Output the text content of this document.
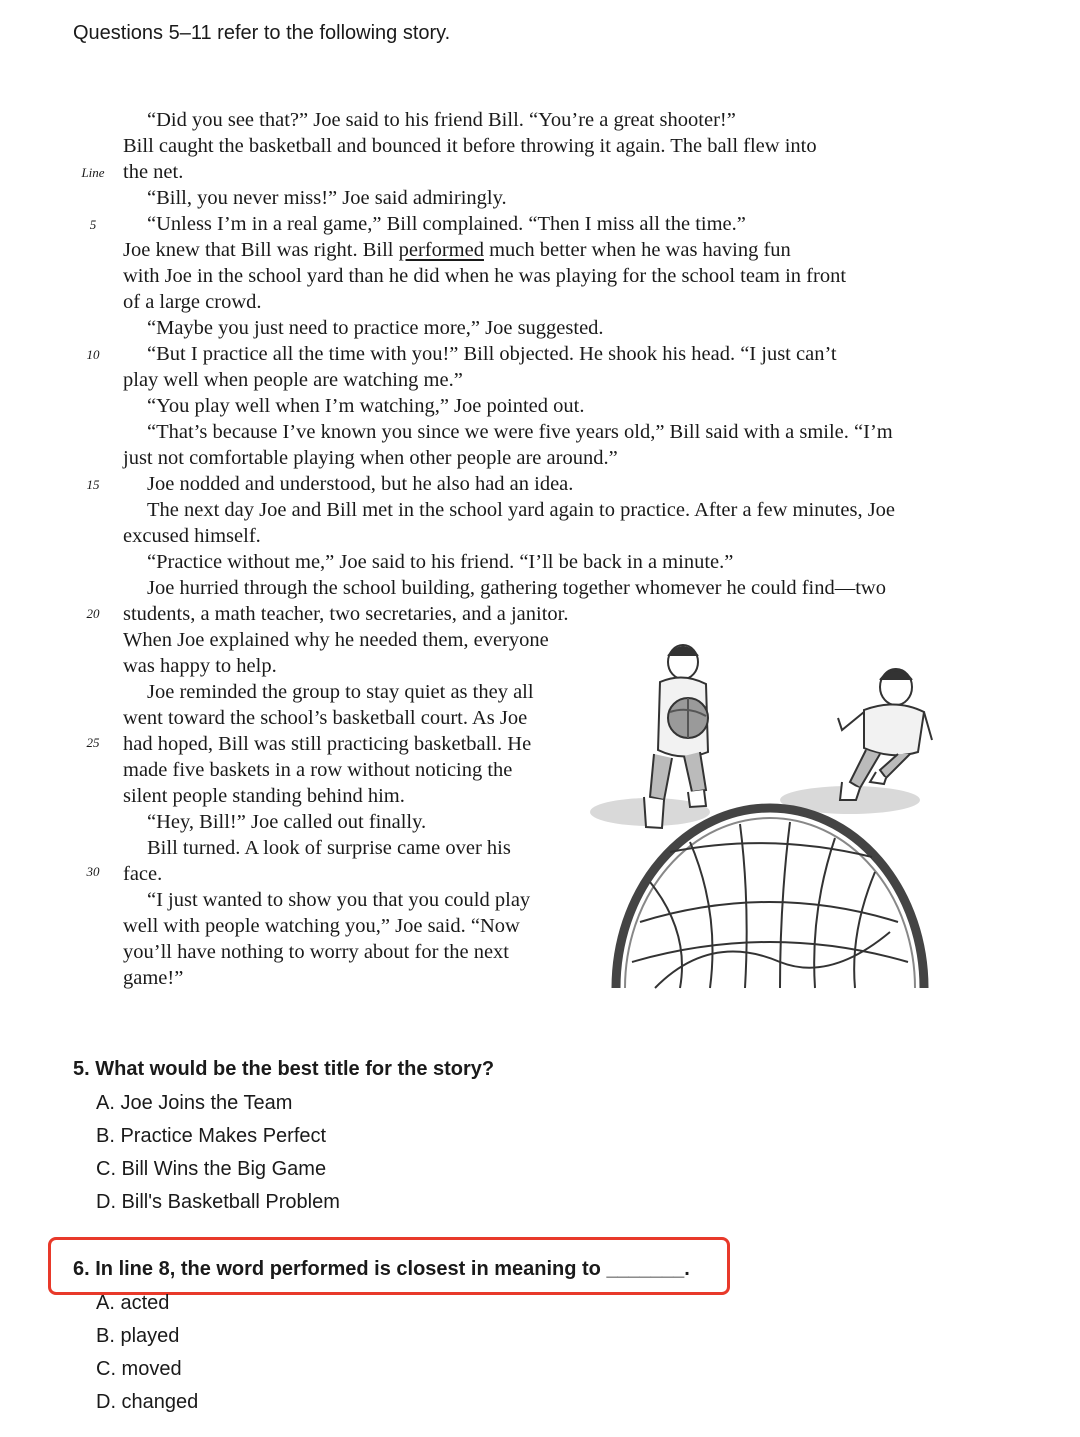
Questions 5–11 refer to the following story.
Line
5
10
15
20
25
30
“Did you see that?” Joe said to his friend Bill. “You’re a great shooter!”
Bill caught the basketball and bounced it before throwing it again. The ball flew into
the net.
“Bill, you never miss!” Joe said admiringly.
“Unless I’m in a real game,” Bill complained. “Then I miss all the time.”
Joe knew that Bill was right. Bill performed much better when he was having fun
with Joe in the school yard than he did when he was playing for the school team in front
of a large crowd.
“Maybe you just need to practice more,” Joe suggested.
“But I practice all the time with you!” Bill objected. He shook his head. “I just can’t
play well when people are watching me.”
“You play well when I’m watching,” Joe pointed out.
“That’s because I’ve known you since we were five years old,” Bill said with a smile. “I’m
just not comfortable playing when other people are around.”
Joe nodded and understood, but he also had an idea.
The next day Joe and Bill met in the school yard again to practice. After a few minutes, Joe
excused himself.
“Practice without me,” Joe said to his friend. “I’ll be back in a minute.”
Joe hurried through the school building, gathering together whomever he could find—two
students, a math teacher, two secretaries, and a janitor.
When Joe explained why he needed them, everyone
was happy to help.
Joe reminded the group to stay quiet as they all
went toward the school’s basketball court. As Joe
had hoped, Bill was still practicing basketball. He
made five baskets in a row without noticing the
silent people standing behind him.
“Hey, Bill!” Joe called out finally.
Bill turned. A look of surprise came over his
face.
“I just wanted to show you that you could play
well with people watching you,” Joe said. “Now
you’ll have nothing to worry about for the next
game!”
5. What would be the best title for the story?
A. Joe Joins the Team
B. Practice Makes Perfect
C. Bill Wins the Big Game
D. Bill's Basketball Problem
6. In line 8, the word performed is closest in meaning to _______.
A. acted
B. played
C. moved
D. changed
